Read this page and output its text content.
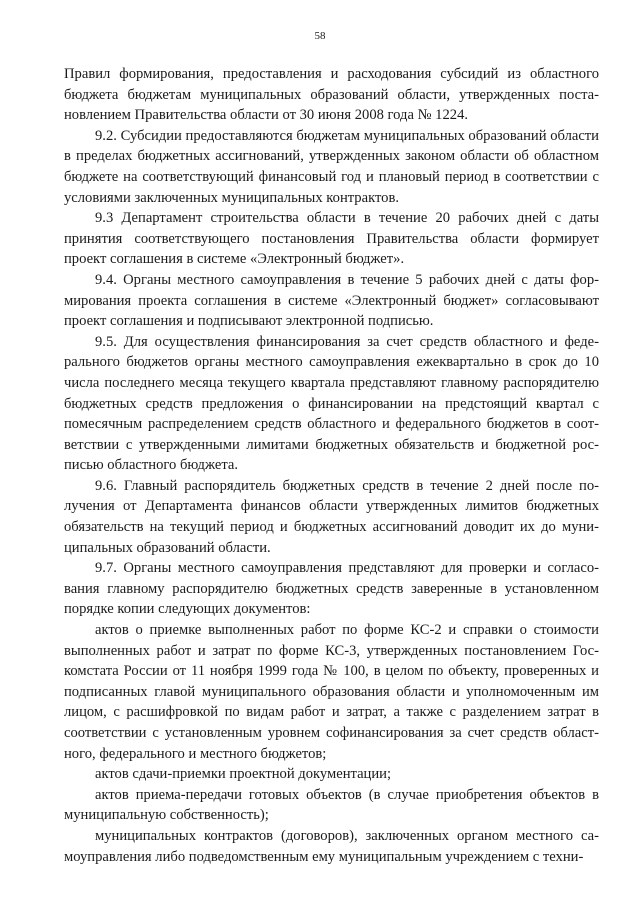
58

Правил формирования, предоставления и расходования субсидий из областного бюджета бюджетам муниципальных образований области, утвержденных постановлением Правительства области от 30 июня 2008 года № 1224.

9.2. Субсидии предоставляются бюджетам муниципальных образований области в пределах бюджетных ассигнований, утвержденных законом области об областном бюджете на соответствующий финансовый год и плановый период в соответствии с условиями заключенных муниципальных контрактов.

9.3 Департамент строительства области в течение 20 рабочих дней с даты принятия соответствующего постановления Правительства области формирует проект соглашения в системе «Электронный бюджет».

9.4. Органы местного самоуправления в течение 5 рабочих дней с даты формирования проекта соглашения в системе «Электронный бюджет» согласовывают проект соглашения и подписывают электронной подписью.

9.5. Для осуществления финансирования за счет средств областного и федерального бюджетов органы местного самоуправления ежеквартально в срок до 10 числа последнего месяца текущего квартала представляют главному распорядителю бюджетных средств предложения о финансировании на предстоящий квартал с помесячным распределением средств областного и федерального бюджетов в соответствии с утвержденными лимитами бюджетных обязательств и бюджетной росписью областного бюджета.

9.6. Главный распорядитель бюджетных средств в течение 2 дней после получения от Департамента финансов области утвержденных лимитов бюджетных обязательств на текущий период и бюджетных ассигнований доводит их до муниципальных образований области.

9.7. Органы местного самоуправления представляют для проверки и согласования главному распорядителю бюджетных средств заверенные в установленном порядке копии следующих документов:

актов о приемке выполненных работ по форме КС-2 и справки о стоимости выполненных работ и затрат по форме КС-3, утвержденных постановлением Госкомстата России от 11 ноября 1999 года № 100, в целом по объекту, проверенных и подписанных главой муниципального образования области и уполномоченным им лицом, с расшифровкой по видам работ и затрат, а также с разделением затрат в соответствии с установленным уровнем софинансирования за счет средств областного, федерального и местного бюджетов;

актов сдачи-приемки проектной документации;

актов приема-передачи готовых объектов (в случае приобретения объектов в муниципальную собственность);

муниципальных контрактов (договоров), заключенных органом местного самоуправления либо подведомственным ему муниципальным учреждением с техни-
